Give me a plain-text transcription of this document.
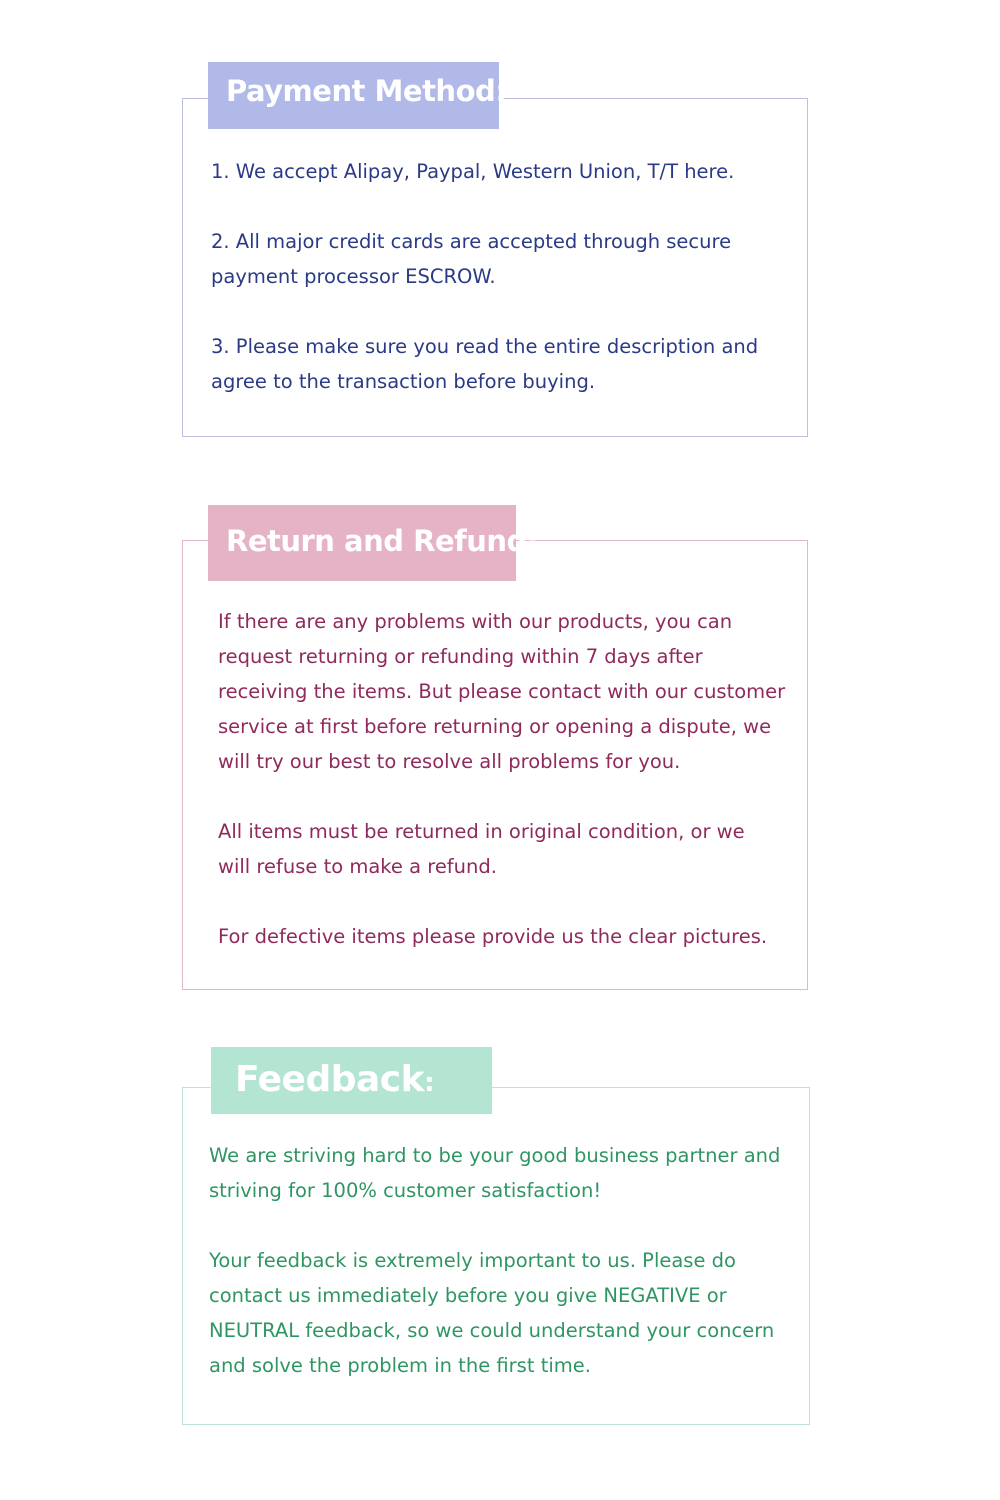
Payment Method:

1. We accept Alipay, Paypal, Western Union, T/T here.

2. All major credit cards are accepted through secure
payment processor ESCROW.

3. Please make sure you read the entire description and
agree to the transaction before buying.

Return and Refund:

If there are any problems with our products, you can
request returning or refunding within 7 days after
receiving the items. But please contact with our customer
service at first before returning or opening a dispute, we
will try our best to resolve all problems for you.

All items must be returned in original condition, or we
will refuse to make a refund.

For defective items please provide us the clear pictures.

Feedback:

We are striving hard to be your good business partner and
striving for 100% customer satisfaction!

Your feedback is extremely important to us. Please do
contact us immediately before you give NEGATIVE or
NEUTRAL feedback, so we could understand your concern
and solve the problem in the first time.
